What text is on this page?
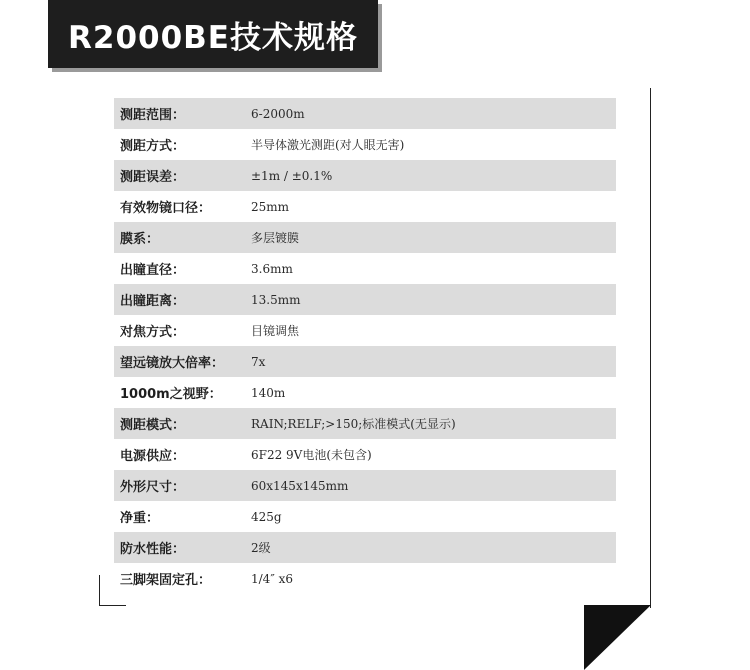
R2000BE技术规格
测距范围：	6-2000m
测距方式：	半导体激光测距(对人眼无害)
测距误差：	±1m / ±0.1%
有效物镜口径：	25mm
膜系：	多层镀膜
出瞳直径：	3.6mm
出瞳距离：	13.5mm
对焦方式：	目镜调焦
望远镜放大倍率：	7x
1000m之视野：	140m
测距模式：	RAIN;RELF;>150;标准模式(无显示)
电源供应：	6F22 9V电池(未包含)
外形尺寸：	60x145x145mm
净重：	425g
防水性能：	2级
三脚架固定孔：	1/4″ x6
